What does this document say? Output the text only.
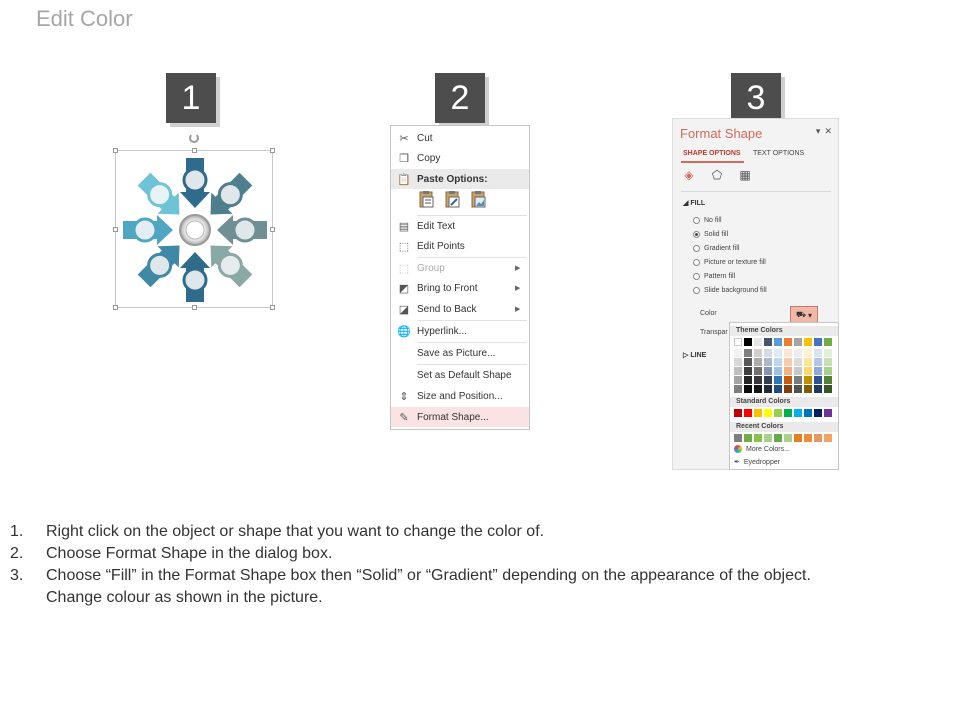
Edit Color
1	2	3
✂ Cut
❐ Copy
📋 Paste Options:
▤ Edit Text
⬚ Edit Points
⬚ Group	▶
◩ Bring to Front	▶
◪ Send to Back	▶
🌐 Hyperlink...
Save as Picture...
Set as Default Shape
⇕ Size and Position...
✎ Format Shape...
Format Shape	▾ ✕
SHAPE OPTIONS TEXT OPTIONS
◈ ⬠ ▦
◢ FILL
No fill
Solid fill
Gradient fill
Picture or texture fill
Pattern fill
Slide background fill
Color	⛟ ▾
Transpar
▷ LINE
Theme Colors
Standard Colors
Recent Colors
More Colors...
✒ Eyedropper
1.	Right click on the object or shape that you want to change the color of.
2.	Choose Format Shape in the dialog box.
3.	Choose “Fill” in the Format Shape box then “Solid” or “Gradient” depending on the appearance of the object.
Change colour as shown in the picture.
